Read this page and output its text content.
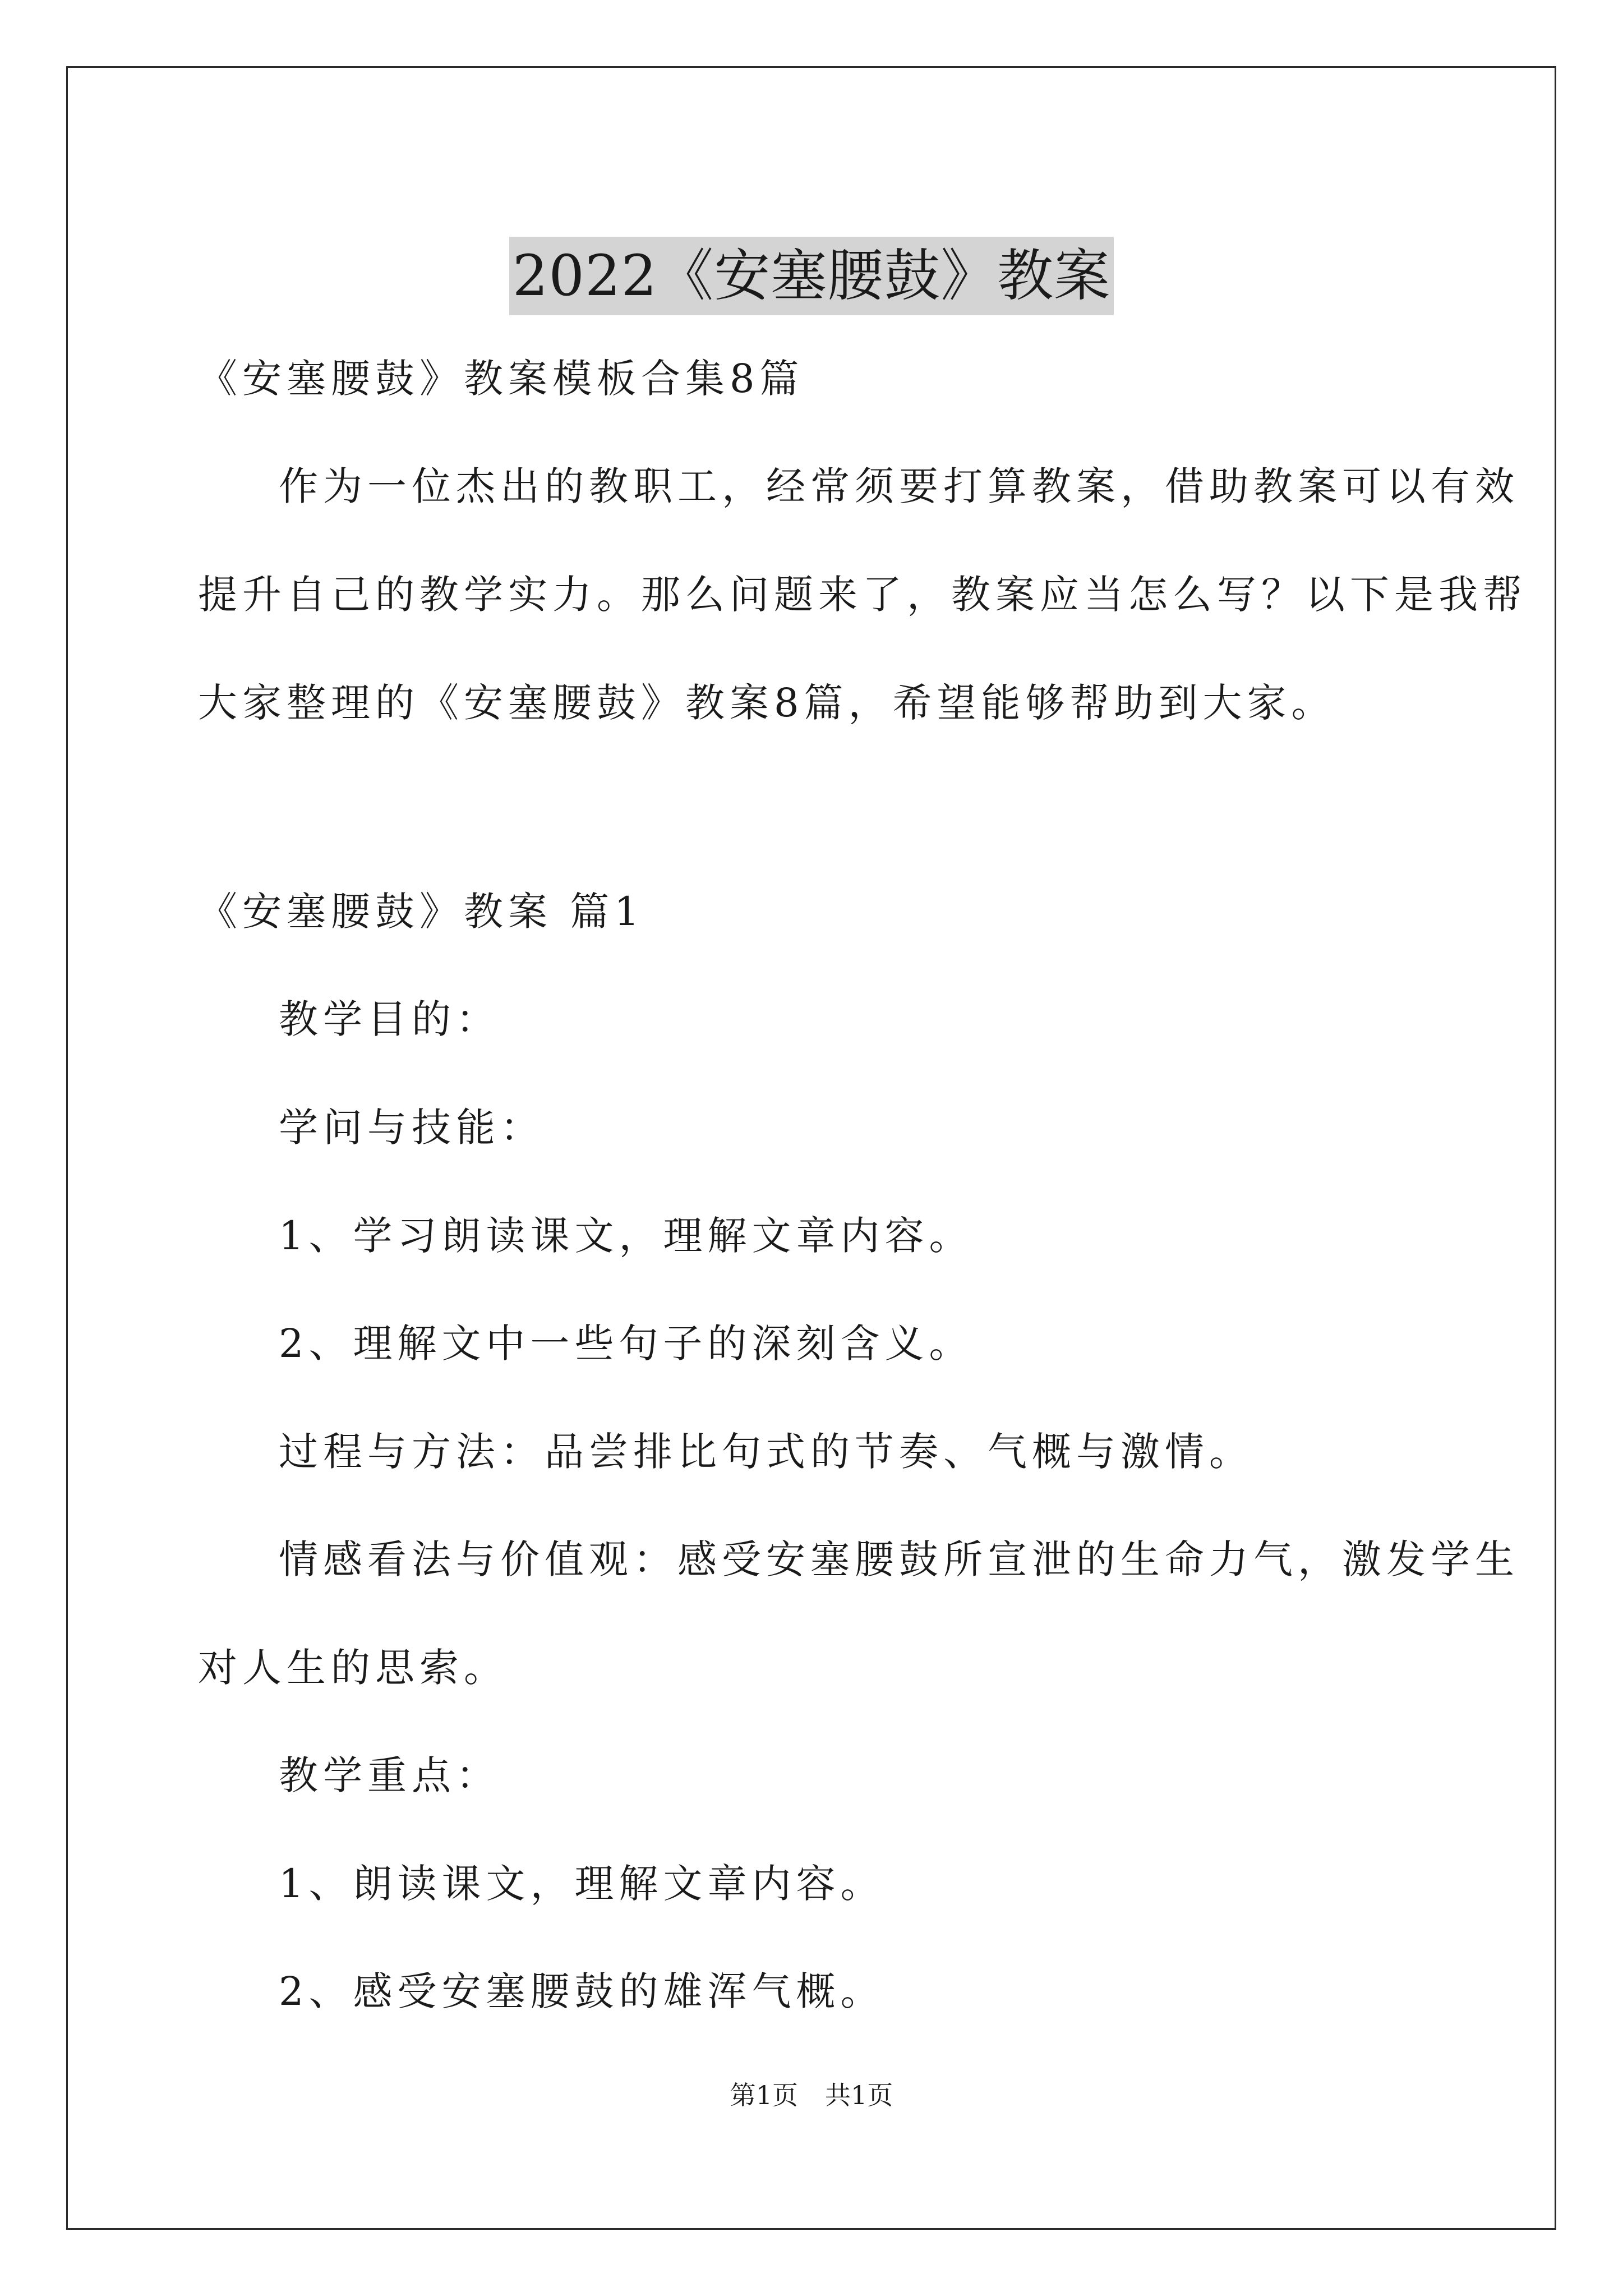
2022《安塞腰鼓》教案
《安塞腰鼓》教案模板合集8篇
作为一位杰出的教职工，经常须要打算教案，借助教案可以有效
提升自己的教学实力。那么问题来了，教案应当怎么写？以下是我帮
大家整理的《安塞腰鼓》教案8篇，希望能够帮助到大家。
《安塞腰鼓》教案 篇1
教学目的：
学问与技能：
1、学习朗读课文，理解文章内容。
2、理解文中一些句子的深刻含义。
过程与方法：品尝排比句式的节奏、气概与激情。
情感看法与价值观：感受安塞腰鼓所宣泄的生命力气，激发学生
对人生的思索。
教学重点：
1、朗读课文，理解文章内容。
2、感受安塞腰鼓的雄浑气概。
第1页 共1页
